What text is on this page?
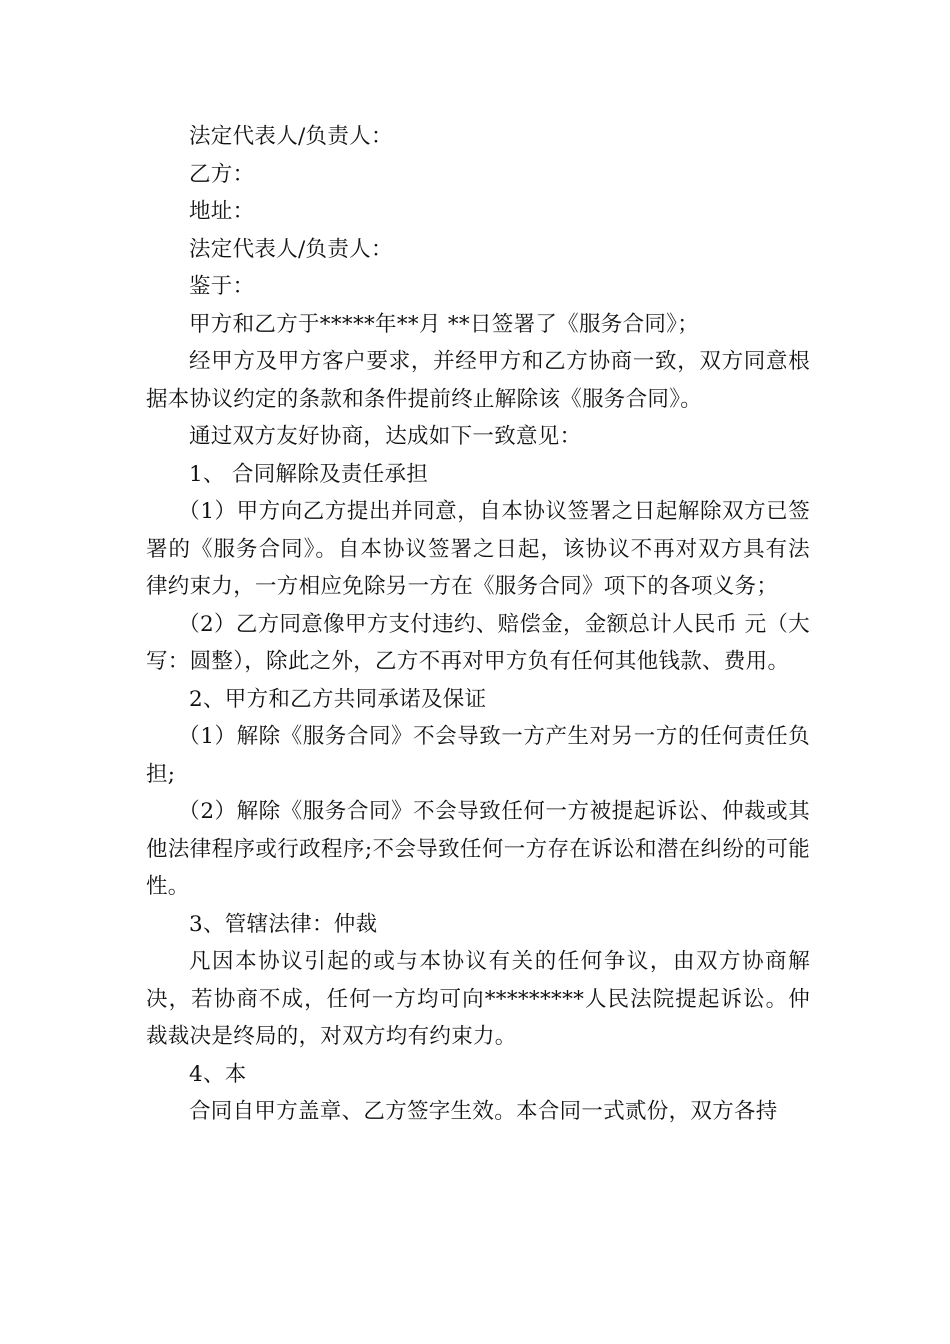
法定代表人/负责人：

乙方：

地址：

法定代表人/负责人：

鉴于：

甲方和乙方于*****年**月 **日签署了《服务合同》；

经甲方及甲方客户要求，并经甲方和乙方协商一致，双方同意根据本协议约定的条款和条件提前终止解除该《服务合同》。

通过双方友好协商，达成如下一致意见：

1、 合同解除及责任承担

（1）甲方向乙方提出并同意，自本协议签署之日起解除双方已签署的《服务合同》。自本协议签署之日起，该协议不再对双方具有法律约束力，一方相应免除另一方在《服务合同》项下的各项义务；

（2）乙方同意像甲方支付违约、赔偿金，金额总计人民币 元（大写：圆整），除此之外，乙方不再对甲方负有任何其他钱款、费用。

2、甲方和乙方共同承诺及保证

（1）解除《服务合同》不会导致一方产生对另一方的任何责任负担;

（2）解除《服务合同》不会导致任何一方被提起诉讼、仲裁或其他法律程序或行政程序;不会导致任何一方存在诉讼和潜在纠纷的可能性。

3、管辖法律：仲裁

凡因本协议引起的或与本协议有关的任何争议，由双方协商解决，若协商不成，任何一方均可向*********人民法院提起诉讼。仲裁裁决是终局的，对双方均有约束力。

4、本

合同自甲方盖章、乙方签字生效。本合同一式贰份，双方各持
